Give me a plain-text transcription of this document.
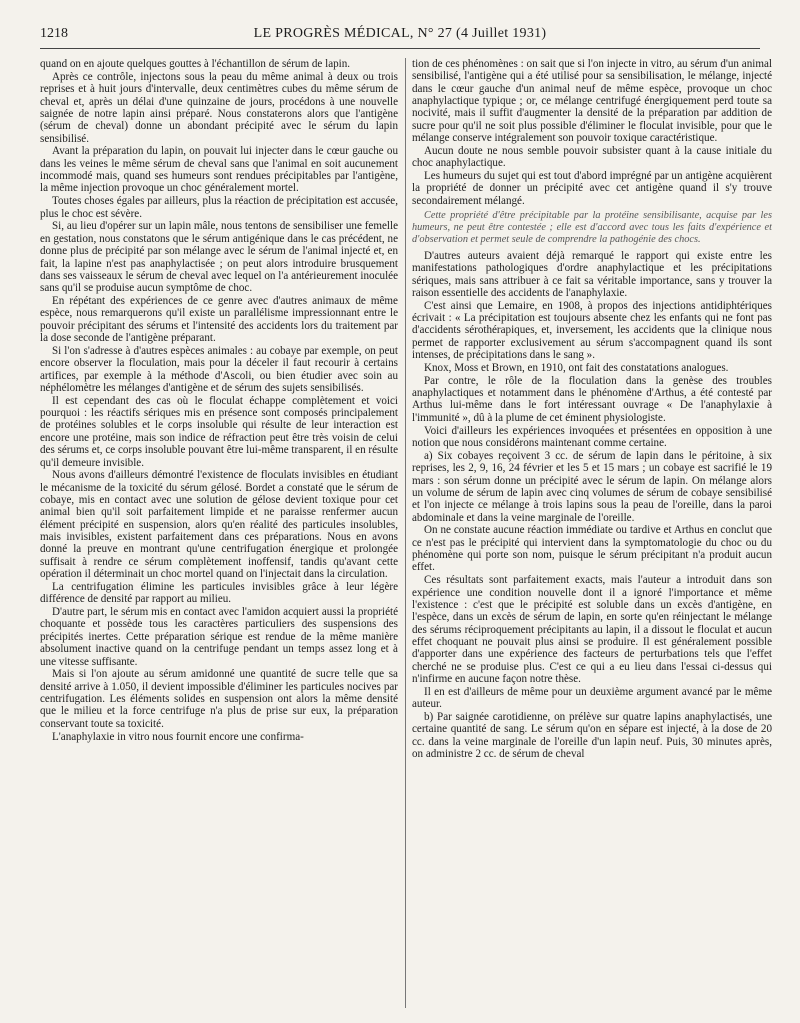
1218	LE PROGRÈS MÉDICAL, N° 27 (4 Juillet 1931)

quand on en ajoute quelques gouttes à l'échantillon de sérum de lapin.

Après ce contrôle, injectons sous la peau du même animal à deux ou trois reprises et à huit jours d'intervalle, deux centimètres cubes du même sérum de cheval et, après un délai d'une quinzaine de jours, procédons à une nouvelle saignée de notre lapin ainsi préparé. Nous constaterons alors que l'antigène (sérum de cheval) donne un abondant précipité avec le sérum du lapin sensibilisé.

Avant la préparation du lapin, on pouvait lui injecter dans le cœur gauche ou dans les veines le même sérum de cheval sans que l'animal en soit aucunement incommodé mais, quand ses humeurs sont rendues précipitables par l'antigène, la même injection provoque un choc généralement mortel.

Toutes choses égales par ailleurs, plus la réaction de précipitation est accusée, plus le choc est sévère.

Si, au lieu d'opérer sur un lapin mâle, nous tentons de sensibiliser une femelle en gestation, nous constatons que le sérum antigénique dans le cas précédent, ne donne plus de précipité par son mélange avec le sérum de l'animal injecté et, en fait, la lapine n'est pas anaphylactisée ; on peut alors introduire brusquement dans ses vaisseaux le sérum de cheval avec lequel on l'a antérieurement inoculée sans qu'il se produise aucun symptôme de choc.

En répétant des expériences de ce genre avec d'autres animaux de même espèce, nous remarquerons qu'il existe un parallélisme impressionnant entre le pouvoir précipitant des sérums et l'intensité des accidents lors du traitement par la dose seconde de l'antigène préparant.

Si l'on s'adresse à d'autres espèces animales : au cobaye par exemple, on peut encore observer la floculation, mais pour la déceler il faut recourir à certains artifices, par exemple à la méthode d'Ascoli, ou bien étudier avec soin au néphélomètre les mélanges d'antigène et de sérum des sujets sensibilisés.

Il est cependant des cas où le floculat échappe complètement et voici pourquoi : les réactifs sériques mis en présence sont composés principalement de protéines solubles et le corps insoluble qui résulte de leur interaction est encore une protéine, mais son indice de réfraction peut être très voisin de celui des sérums et, ce corps insoluble pouvant être lui-même transparent, il en résulte qu'il demeure invisible.

Nous avons d'ailleurs démontré l'existence de floculats invisibles en étudiant le mécanisme de la toxicité du sérum gélosé. Bordet a constaté que le sérum de cobaye, mis en contact avec une solution de gélose devient toxique pour cet animal bien qu'il soit parfaitement limpide et ne paraisse renfermer aucun élément précipité en suspension, alors qu'en réalité des particules insolubles, mais invisibles, existent parfaitement dans ces préparations. Nous en avons donné la preuve en montrant qu'une centrifugation énergique et prolongée suffisait à rendre ce sérum complètement inoffensif, tandis qu'avant cette opération il déterminait un choc mortel quand on l'injectait dans la circulation.

La centrifugation élimine les particules invisibles grâce à leur légère différence de densité par rapport au milieu.

D'autre part, le sérum mis en contact avec l'amidon acquiert aussi la propriété choquante et possède tous les caractères particuliers des suspensions des précipités inertes. Cette préparation sérique est rendue de la même manière absolument inactive quand on la centrifuge pendant un temps assez long et à une vitesse suffisante.

Mais si l'on ajoute au sérum amidonné une quantité de sucre telle que sa densité arrive à 1.050, il devient impossible d'éliminer les particules nocives par centrifugation. Les éléments solides en suspension ont alors la même densité que le milieu et la force centrifuge n'a plus de prise sur eux, la préparation conservant toute sa toxicité.

L'anaphylaxie in vitro nous fournit encore une confirma-

tion de ces phénomènes : on sait que si l'on injecte in vitro, au sérum d'un animal sensibilisé, l'antigène qui a été utilisé pour sa sensibilisation, le mélange, injecté dans le cœur gauche d'un animal neuf de même espèce, provoque un choc anaphylactique typique ; or, ce mélange centrifugé énergiquement perd toute sa nocivité, mais il suffit d'augmenter la densité de la préparation par addition de sucre pour qu'il ne soit plus possible d'éliminer le floculat invisible, pour que le mélange conserve intégralement son pouvoir toxique caractéristique.

Aucun doute ne nous semble pouvoir subsister quant à la cause initiale du choc anaphylactique.

Les humeurs du sujet qui est tout d'abord imprégné par un antigène acquièrent la propriété de donner un précipité avec cet antigène quand il s'y trouve secondairement mélangé.

Cette propriété d'être précipitable par la protéine sensibilisante, acquise par les humeurs, ne peut être contestée ; elle est d'accord avec tous les faits d'expérience et d'observation et permet seule de comprendre la pathogénie des chocs.

D'autres auteurs avaient déjà remarqué le rapport qui existe entre les manifestations pathologiques d'ordre anaphylactique et les précipitations sériques, mais sans attribuer à ce fait sa véritable importance, sans y trouver la raison essentielle des accidents de l'anaphylaxie.

C'est ainsi que Lemaire, en 1908, à propos des injections antidiphtériques écrivait : « La précipitation est toujours absente chez les enfants qui ne font pas d'accidents sérothérapiques, et, inversement, les accidents que la clinique nous permet de rapporter exclusivement au sérum s'accompagnent quand ils sont intenses, de précipitations dans le sang ».

Knox, Moss et Brown, en 1910, ont fait des constatations analogues.

Par contre, le rôle de la floculation dans la genèse des troubles anaphylactiques et notamment dans le phénomène d'Arthus, a été contesté par Arthus lui-même dans le fort intéressant ouvrage « De l'anaphylaxie à l'immunité », dû à la plume de cet éminent physiologiste.

Voici d'ailleurs les expériences invoquées et présentées en opposition à une notion que nous considérons maintenant comme certaine.

a) Six cobayes reçoivent 3 cc. de sérum de lapin dans le péritoine, à six reprises, les 2, 9, 16, 24 février et les 5 et 15 mars ; un cobaye est sacrifié le 19 mars : son sérum donne un précipité avec le sérum de lapin. On mélange alors un volume de sérum de lapin avec cinq volumes de sérum de cobaye sensibilisé et l'on injecte ce mélange à trois lapins sous la peau de l'oreille, dans la paroi abdominale et dans la veine marginale de l'oreille.

On ne constate aucune réaction immédiate ou tardive et Arthus en conclut que ce n'est pas le précipité qui intervient dans la symptomatologie du choc ou du phénomène qui porte son nom, puisque le sérum précipitant n'a produit aucun effet.

Ces résultats sont parfaitement exacts, mais l'auteur a introduit dans son expérience une condition nouvelle dont il a ignoré l'importance et même l'existence : c'est que le précipité est soluble dans un excès d'antigène, en l'espèce, dans un excès de sérum de lapin, en sorte qu'en réinjectant le mélange des sérums réciproquement précipitants au lapin, il a dissout le floculat et aucun effet choquant ne pouvait plus ainsi se produire. Il est généralement possible d'apporter dans une expérience des facteurs de perturbations tels que l'effet cherché ne se produise plus. C'est ce qui a eu lieu dans l'essai ci-dessus qui n'infirme en aucune façon notre thèse.

Il en est d'ailleurs de même pour un deuxième argument avancé par le même auteur.

b) Par saignée carotidienne, on prélève sur quatre lapins anaphylactisés, une certaine quantité de sang. Le sérum qu'on en sépare est injecté, à la dose de 20 cc. dans la veine marginale de l'oreille d'un lapin neuf. Puis, 30 minutes après, on administre 2 cc. de sérum de cheval
